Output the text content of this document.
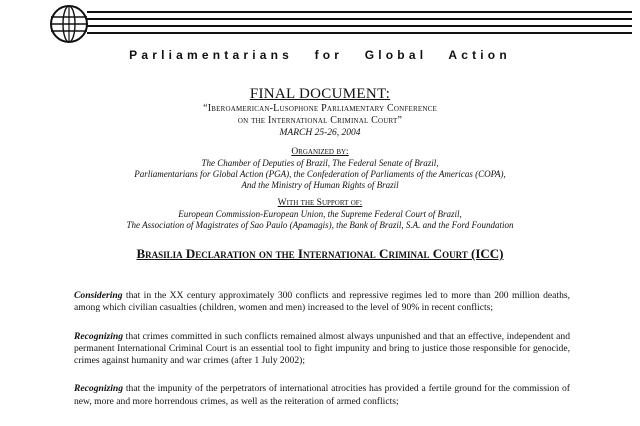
Parliamentarians for Global Action
FINAL DOCUMENT:
“Iberoamerican-Lusophone Parliamentary Conference
on the International Criminal Court”
MARCH 25-26, 2004
Organized by:
The Chamber of Deputies of Brazil, The Federal Senate of Brazil,
Parliamentarians for Global Action (PGA), the Confederation of Parliaments of the Americas (COPA),
And the Ministry of Human Rights of Brazil
With the Support of:
European Commission-European Union, the Supreme Federal Court of Brazil,
The Association of Magistrates of Sao Paulo (Apamagis), the Bank of Brazil, S.A. and the Ford Foundation
Brasilia Declaration on the International Criminal Court (ICC)

Considering that in the XX century approximately 300 conflicts and repressive regimes led to more than 200 million deaths, among which civilian casualties (children, women and men) increased to the level of 90% in recent conflicts;

Recognizing that crimes committed in such conflicts remained almost always unpunished and that an effective, independent and permanent International Criminal Court is an essential tool to fight impunity and bring to justice those responsible for genocide, crimes against humanity and war crimes (after 1 July 2002);

Recognizing that the impunity of the perpetrators of international atrocities has provided a fertile ground for the commission of new, more and more horrendous crimes, as well as the reiteration of armed conflicts;
